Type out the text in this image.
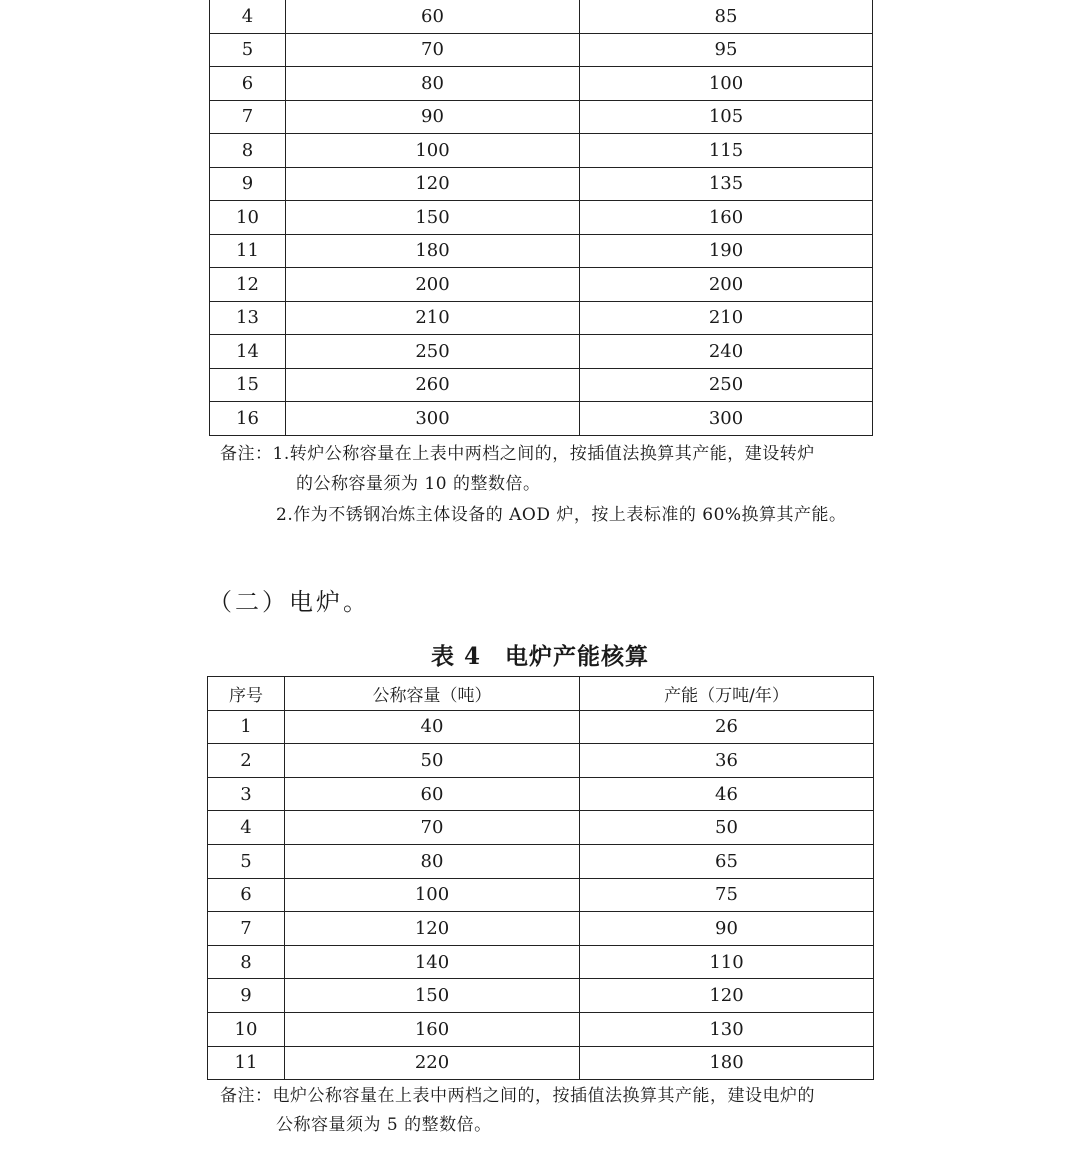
4	60	85
5	70	95
6	80	100
7	90	105
8	100	115
9	120	135
10	150	160
11	180	190
12	200	200
13	210	210
14	250	240
15	260	250
16	300	300
备注：1.转炉公称容量在上表中两档之间的，按插值法换算其产能，建设转炉
的公称容量须为 10 的整数倍。
2.作为不锈钢冶炼主体设备的 AOD 炉，按上表标准的 60%换算其产能。
（二）电炉。
表 4　电炉产能核算
序号	公称容量（吨）	产能（万吨/年）
1	40	26
2	50	36
3	60	46
4	70	50
5	80	65
6	100	75
7	120	90
8	140	110
9	150	120
10	160	130
11	220	180
备注：电炉公称容量在上表中两档之间的，按插值法换算其产能，建设电炉的
公称容量须为 5 的整数倍。
